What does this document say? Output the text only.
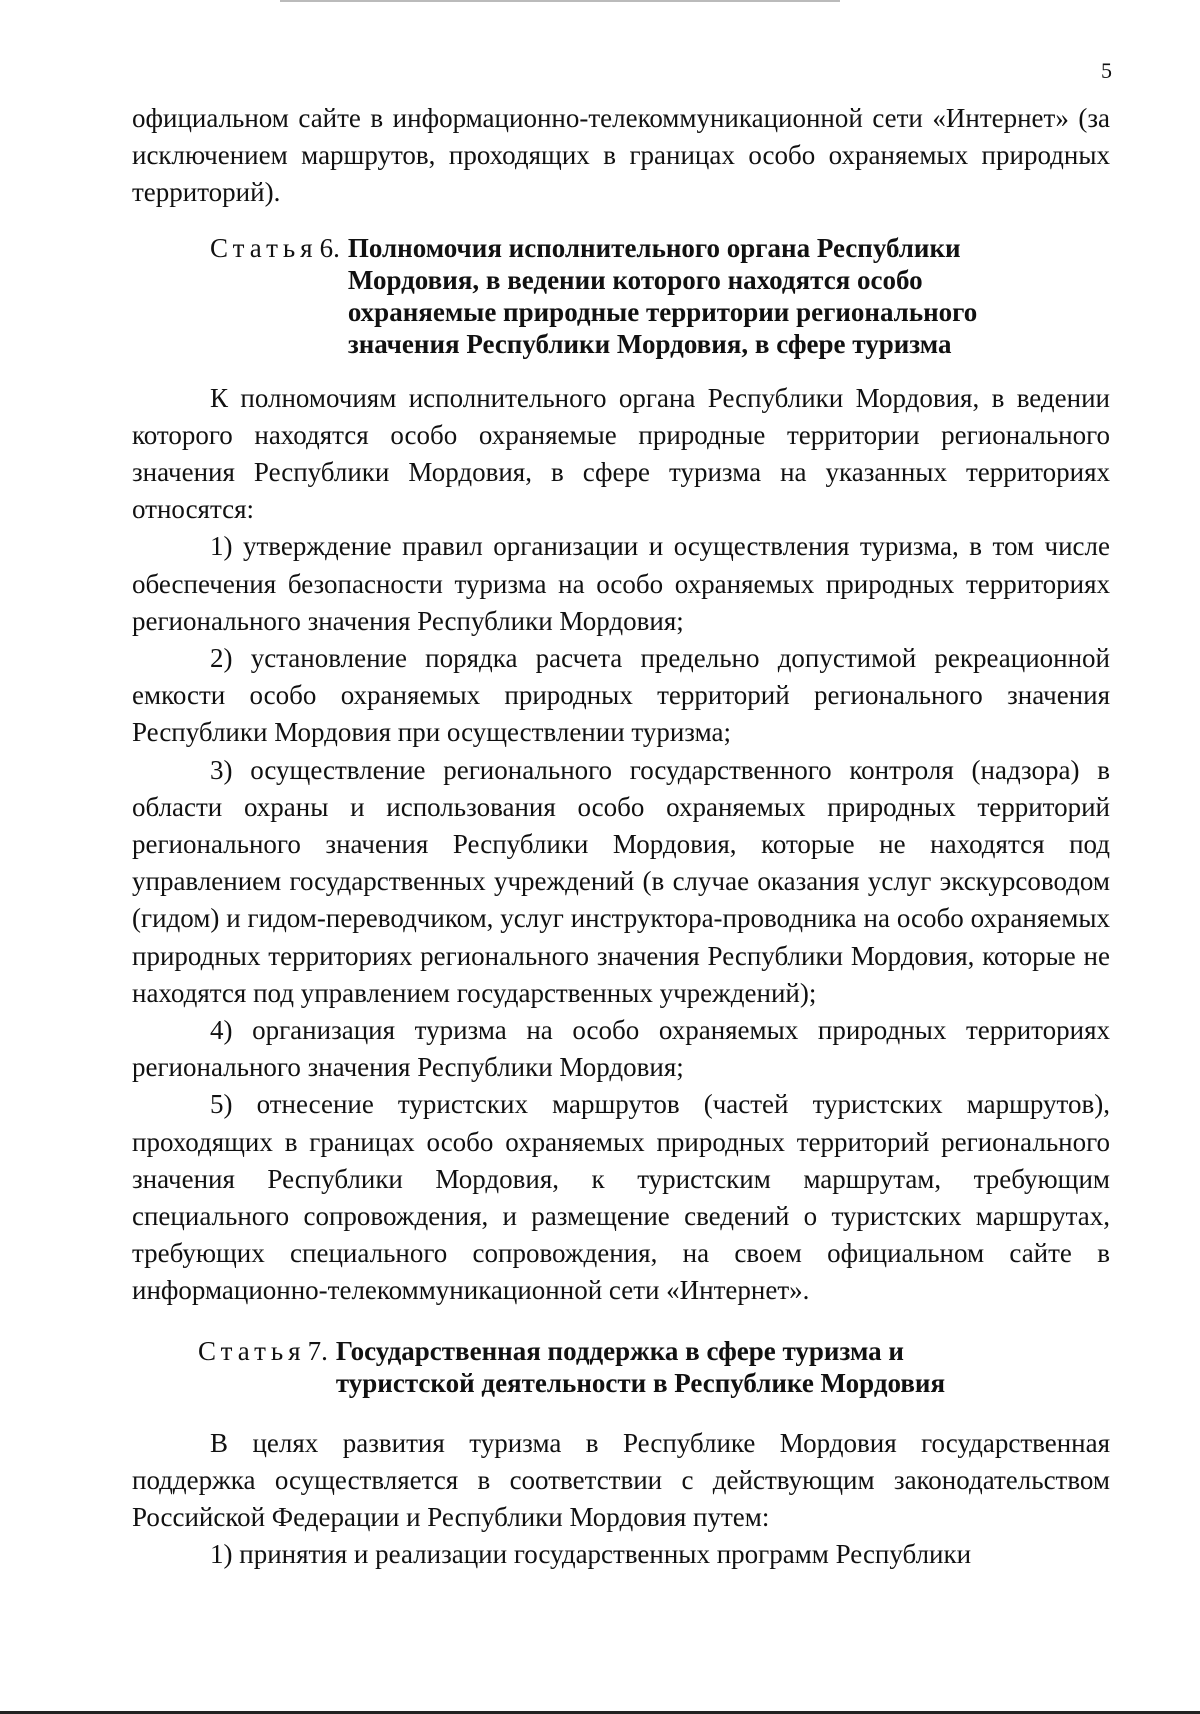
5

официальном сайте в информационно-телекоммуникационной сети «Интернет» (за исключением маршрутов, проходящих в границах особо охраняемых природных территорий).

Статья 6. Полномочия исполнительного органа Республики Мордовия, в ведении которого находятся особо охраняемые природные территории регионального значения Республики Мордовия, в сфере туризма

К полномочиям исполнительного органа Республики Мордовия, в ведении которого находятся особо охраняемые природные территории регионального значения Республики Мордовия, в сфере туризма на указанных территориях относятся:

1) утверждение правил организации и осуществления туризма, в том числе обеспечения безопасности туризма на особо охраняемых природных территориях регионального значения Республики Мордовия;

2) установление порядка расчета предельно допустимой рекреационной емкости особо охраняемых природных территорий регионального значения Республики Мордовия при осуществлении туризма;

3) осуществление регионального государственного контроля (надзора) в области охраны и использования особо охраняемых природных территорий регионального значения Республики Мордовия, которые не находятся под управлением государственных учреждений (в случае оказания услуг экскурсоводом (гидом) и гидом-переводчиком, услуг инструктора-проводника на особо охраняемых природных территориях регионального значения Республики Мордовия, которые не находятся под управлением государственных учреждений);

4) организация туризма на особо охраняемых природных территориях регионального значения Республики Мордовия;

5) отнесение туристских маршрутов (частей туристских маршрутов), проходящих в границах особо охраняемых природных территорий регионального значения Республики Мордовия, к туристским маршрутам, требующим специального сопровождения, и размещение сведений о туристских маршрутах, требующих специального сопровождения, на своем официальном сайте в информационно-телекоммуникационной сети «Интернет».

Статья 7. Государственная поддержка в сфере туризма и туристской деятельности в Республике Мордовия

В целях развития туризма в Республике Мордовия государственная поддержка осуществляется в соответствии с действующим законодательством Российской Федерации и Республики Мордовия путем:

1) принятия и реализации государственных программ Республики
